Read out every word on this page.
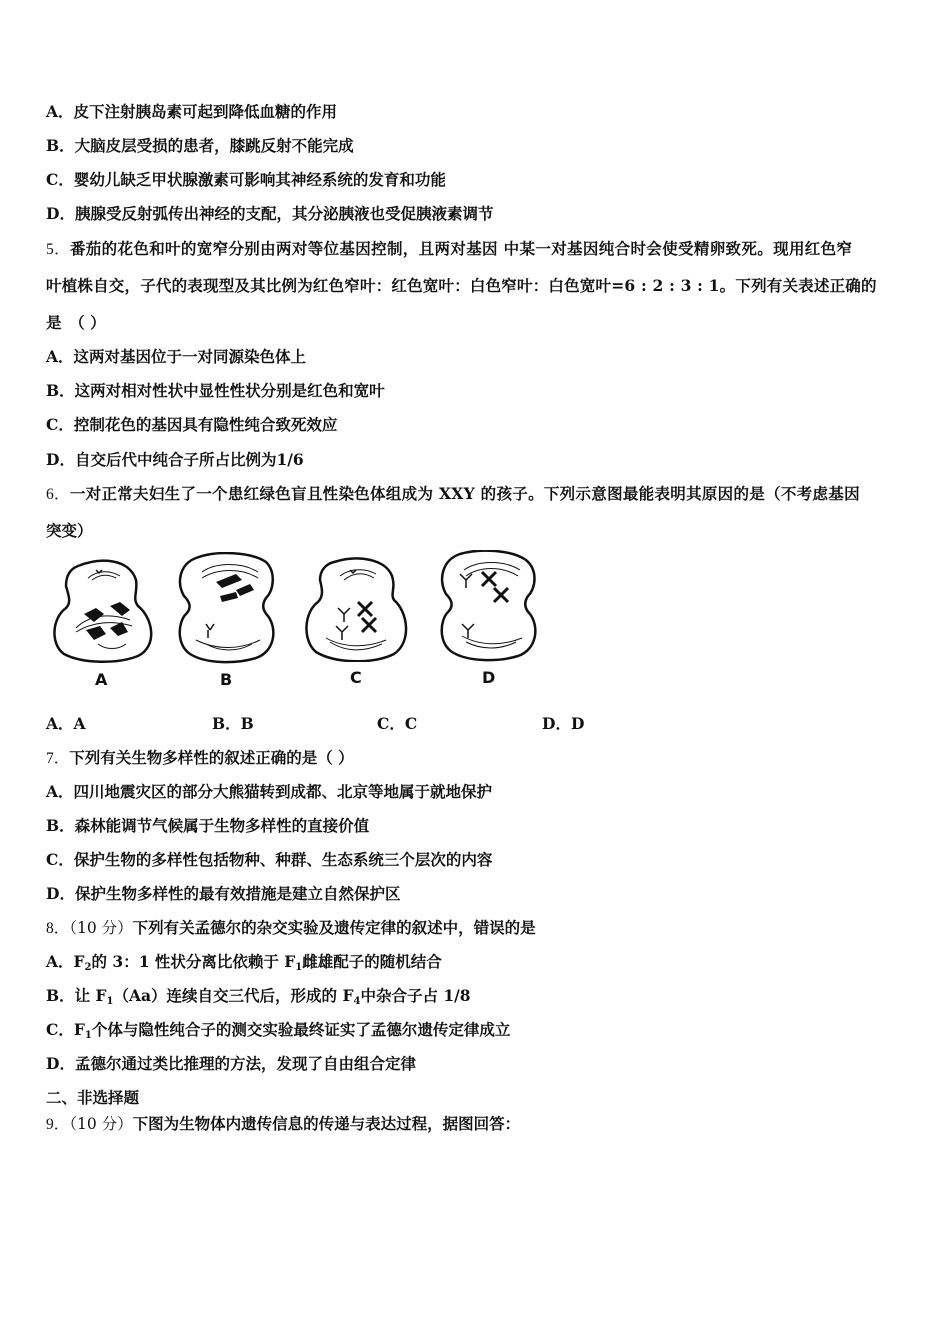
A．皮下注射胰岛素可起到降低血糖的作用
B．大脑皮层受损的患者，膝跳反射不能完成
C．婴幼儿缺乏甲状腺激素可影响其神经系统的发育和功能
D．胰腺受反射弧传出神经的支配，其分泌胰液也受促胰液素调节
5．番茄的花色和叶的宽窄分别由两对等位基因控制，且两对基因 中某一对基因纯合时会使受精卵致死。现用红色窄
叶植株自交，子代的表现型及其比例为红色窄叶：红色宽叶：白色窄叶：白色宽叶=6 : 2 : 3 : 1。下列有关表述正确的
是　（ ）
A．这两对基因位于一对同源染色体上
B．这两对相对性状中显性性状分别是红色和宽叶
C．控制花色的基因具有隐性纯合致死效应
D．自交后代中纯合子所占比例为1/6
6．一对正常夫妇生了一个患红绿色盲且性染色体组成为 XXY 的孩子。下列示意图最能表明其原因的是（不考虑基因
突变）
A	B	C	D
A．A	B．B	C．C	D．D
7．下列有关生物多样性的叙述正确的是（ ）
A．四川地震灾区的部分大熊猫转到成都、北京等地属于就地保护
B．森林能调节气候属于生物多样性的直接价值
C．保护生物的多样性包括物种、种群、生态系统三个层次的内容
D．保护生物多样性的最有效措施是建立自然保护区
8．（10 分）下列有关孟德尔的杂交实验及遗传定律的叙述中，错误的是
A．$F_2$的 3：1 性状分离比依赖于 $F_1$雌雄配子的随机结合
B．让 $F_1(Aa)$连续自交三代后，形成的 $F_4$中杂合子占 1/8
C．$F_1$个体与隐性纯合子的测交实验最终证实了孟德尔遗传定律成立
D．孟德尔通过类比推理的方法，发现了自由组合定律
二、非选择题
9．（10 分）下图为生物体内遗传信息的传递与表达过程，据图回答：
